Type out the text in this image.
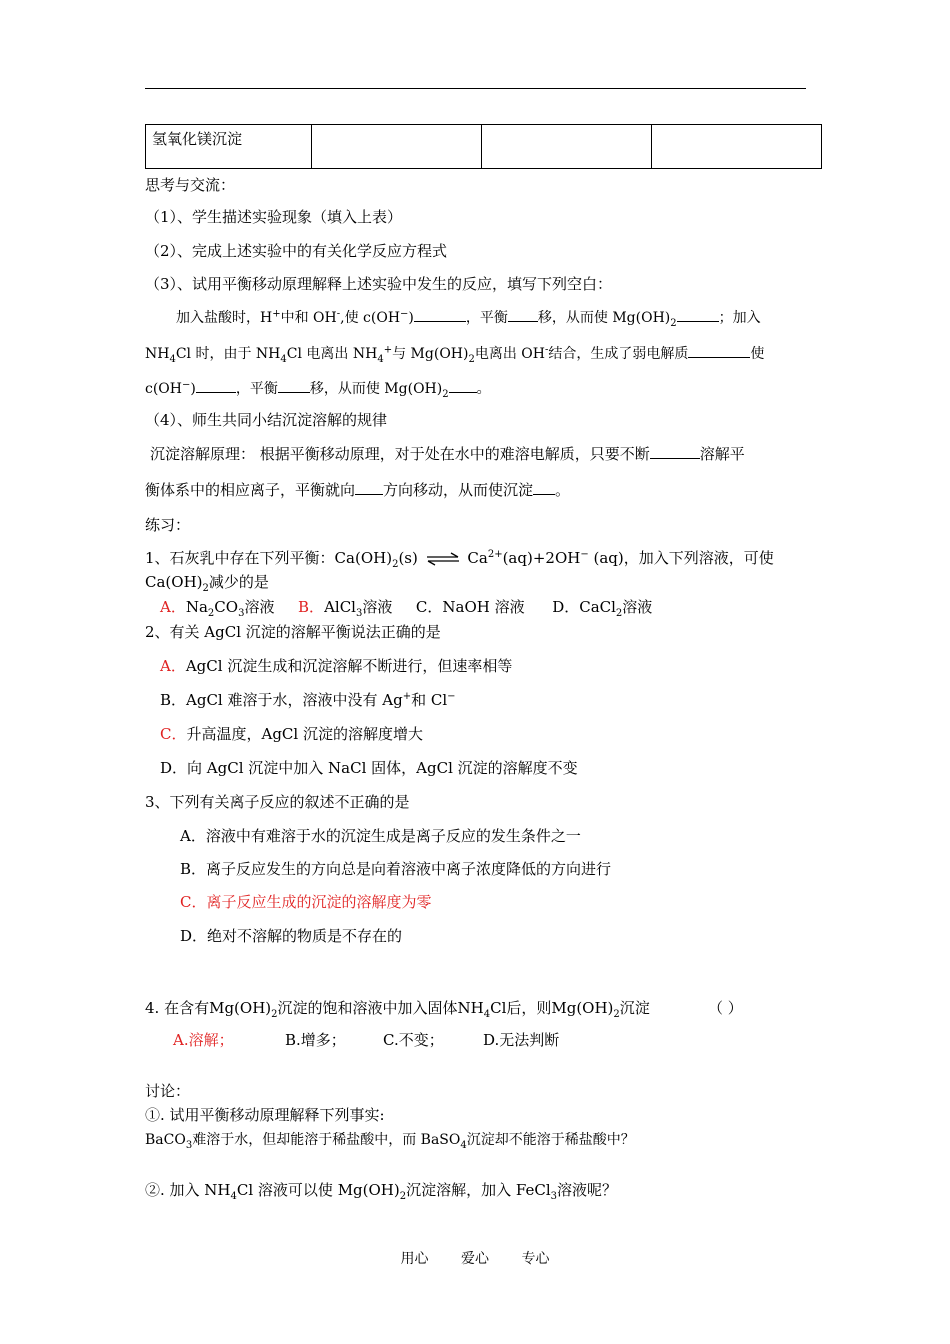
氢氧化镁沉淀			
思考与交流：
（1）、学生描述实验现象（填入上表）
（2）、完成上述实验中的有关化学反应方程式
（3）、试用平衡移动原理解释上述实验中发生的反应，填写下列空白：
加入盐酸时，H+中和 OH-,使 c(OH−)	，平衡 移，从而使 $Mg(OH)_2$	；加入
$NH_4Cl$ 时，由于 $NH_4Cl$ 电离出 $NH_4^+$与 $Mg(OH)_2$电离出 OH-结合，生成了弱电解质	使
c(OH−)	，平衡 移，从而使 $Mg(OH)_2$ 。
（4）、师生共同小结沉淀溶解的规律
沉淀溶解原理： 根据平衡移动原理，对于处在水中的难溶电解质，只要不断	溶解平
衡体系中的相应离子，平衡就向 方向移动，从而使沉淀 。
练习：
1、石灰乳中存在下列平衡：$Ca(OH)_2(s)$ ⇌ $Ca^{2+}(aq)+2OH^-$ (aq)，加入下列溶液，可使
$Ca(OH)_2$减少的是
A．$Na_2CO_3$溶液 B．AlCl$_3$溶液 C．NaOH 溶液 D．CaCl$_2$溶液
2、有关 AgCl 沉淀的溶解平衡说法正确的是
A．AgCl 沉淀生成和沉淀溶解不断进行，但速率相等
B．AgCl 难溶于水，溶液中没有 Ag+和 Cl−
C．升高温度，AgCl 沉淀的溶解度增大
D．向 AgCl 沉淀中加入 NaCl 固体，AgCl 沉淀的溶解度不变
3、下列有关离子反应的叙述不正确的是
A．溶液中有难溶于水的沉淀生成是离子反应的发生条件之一
B．离子反应发生的方向总是向着溶液中离子浓度降低的方向进行
C．离子反应生成的沉淀的溶解度为零
D．绝对不溶解的物质是不存在的
4. 在含有$Mg(OH)_2$沉淀的饱和溶液中加入固体$NH_4Cl$后，则$Mg(OH)_2$沉淀	（ ）
A.溶解；	B.增多； C.不变；	D.无法判断
讨论：
①. 试用平衡移动原理解释下列事实:
BaCO$_3$难溶于水，但却能溶于稀盐酸中，而 BaSO$_4$沉淀却不能溶于稀盐酸中？
②. 加入 $NH_4Cl$ 溶液可以使 $Mg(OH)_2$沉淀溶解，加入 FeCl$_3$溶液呢？
用心 爱心 专心
